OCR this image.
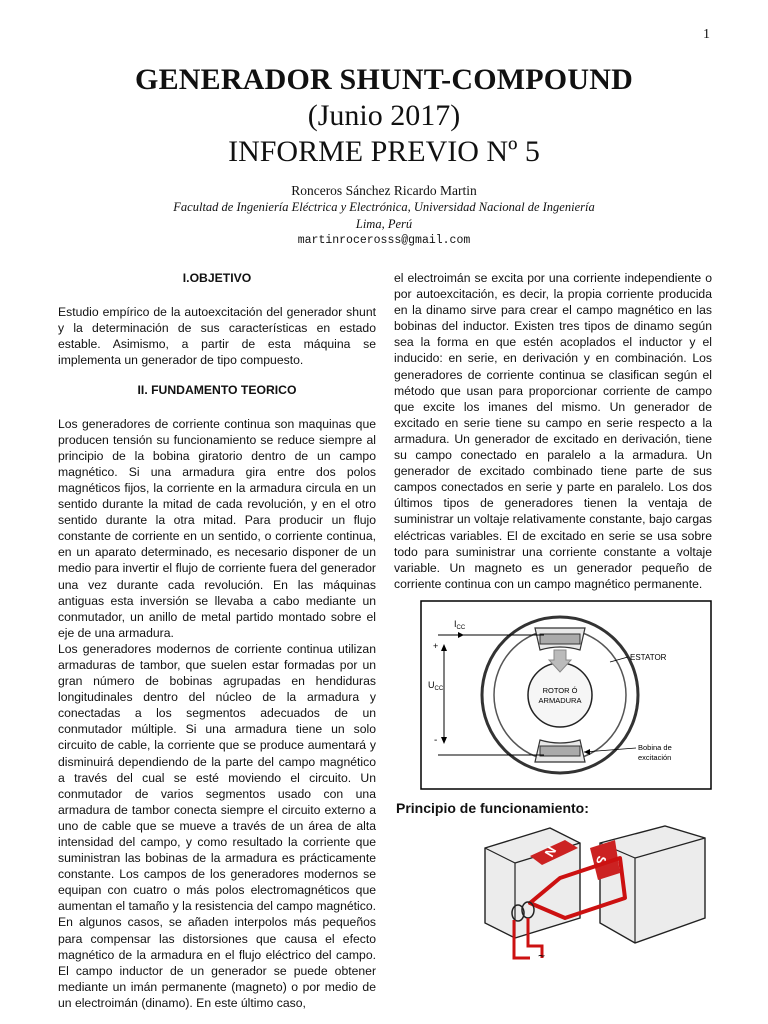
1
GENERADOR SHUNT-COMPOUND
(Junio 2017)
INFORME PREVIO Nº 5
Ronceros Sánchez Ricardo Martin
Facultad de Ingeniería Eléctrica y Electrónica, Universidad Nacional de Ingeniería
Lima, Perú
martinrocerosss@gmail.com

I.OBJETIVO

Estudio empírico de la autoexcitación del generador shunt y la determinación de sus características en estado estable. Asimismo, a partir de esta máquina se implementa un generador de tipo compuesto.

II. FUNDAMENTO TEORICO

Los generadores de corriente continua son maquinas que producen tensión su funcionamiento se reduce siempre al principio de la bobina giratorio dentro de un campo magnético. Si una armadura gira entre dos polos magnéticos fijos, la corriente en la armadura circula en un sentido durante la mitad de cada revolución, y en el otro sentido durante la otra mitad. Para producir un flujo constante de corriente en un sentido, o corriente continua, en un aparato determinado, es necesario disponer de un medio para invertir el flujo de corriente fuera del generador una vez durante cada revolución. En las máquinas antiguas esta inversión se llevaba a cabo mediante un conmutador, un anillo de metal partido montado sobre el eje de una armadura.

Los generadores modernos de corriente continua utilizan armaduras de tambor, que suelen estar formadas por un gran número de bobinas agrupadas en hendiduras longitudinales dentro del núcleo de la armadura y conectadas a los segmentos adecuados de un conmutador múltiple. Si una armadura tiene un solo circuito de cable, la corriente que se produce aumentará y disminuirá dependiendo de la parte del campo magnético a través del cual se esté moviendo el circuito. Un conmutador de varios segmentos usado con una armadura de tambor conecta siempre el circuito externo a uno de cable que se mueve a través de un área de alta intensidad del campo, y como resultado la corriente que suministran las bobinas de la armadura es prácticamente constante. Los campos de los generadores modernos se equipan con cuatro o más polos electromagnéticos que aumentan el tamaño y la resistencia del campo magnético. En algunos casos, se añaden interpolos más pequeños para compensar las distorsiones que causa el efecto magnético de la armadura en el flujo eléctrico del campo. El campo inductor de un generador se puede obtener mediante un imán permanente (magneto) o por medio de un electroimán (dinamo). En este último caso,

el electroimán se excita por una corriente independiente o por autoexcitación, es decir, la propia corriente producida en la dinamo sirve para crear el campo magnético en las bobinas del inductor. Existen tres tipos de dinamo según sea la forma en que estén acoplados el inductor y el inducido: en serie, en derivación y en combinación. Los generadores de corriente continua se clasifican según el método que usan para proporcionar corriente de campo que excite los imanes del mismo. Un generador de excitado en serie tiene su campo en serie respecto a la armadura. Un generador de excitado en derivación, tiene su campo conectado en paralelo a la armadura. Un generador de excitado combinado tiene parte de sus campos conectados en serie y parte en paralelo. Los dos últimos tipos de generadores tienen la ventaja de suministrar un voltaje relativamente constante, bajo cargas eléctricas variables. El de excitado en serie se usa sobre todo para suministrar una corriente constante a voltaje variable. Un magneto es un generador pequeño de corriente continua con un campo magnético permanente.

$I_{CC}$
$U_{CC}$
+
-
ESTATOR
ROTOR Ó
ARMADURA
Bobina de
excitación
Principio de funcionamiento:
N
S
~
